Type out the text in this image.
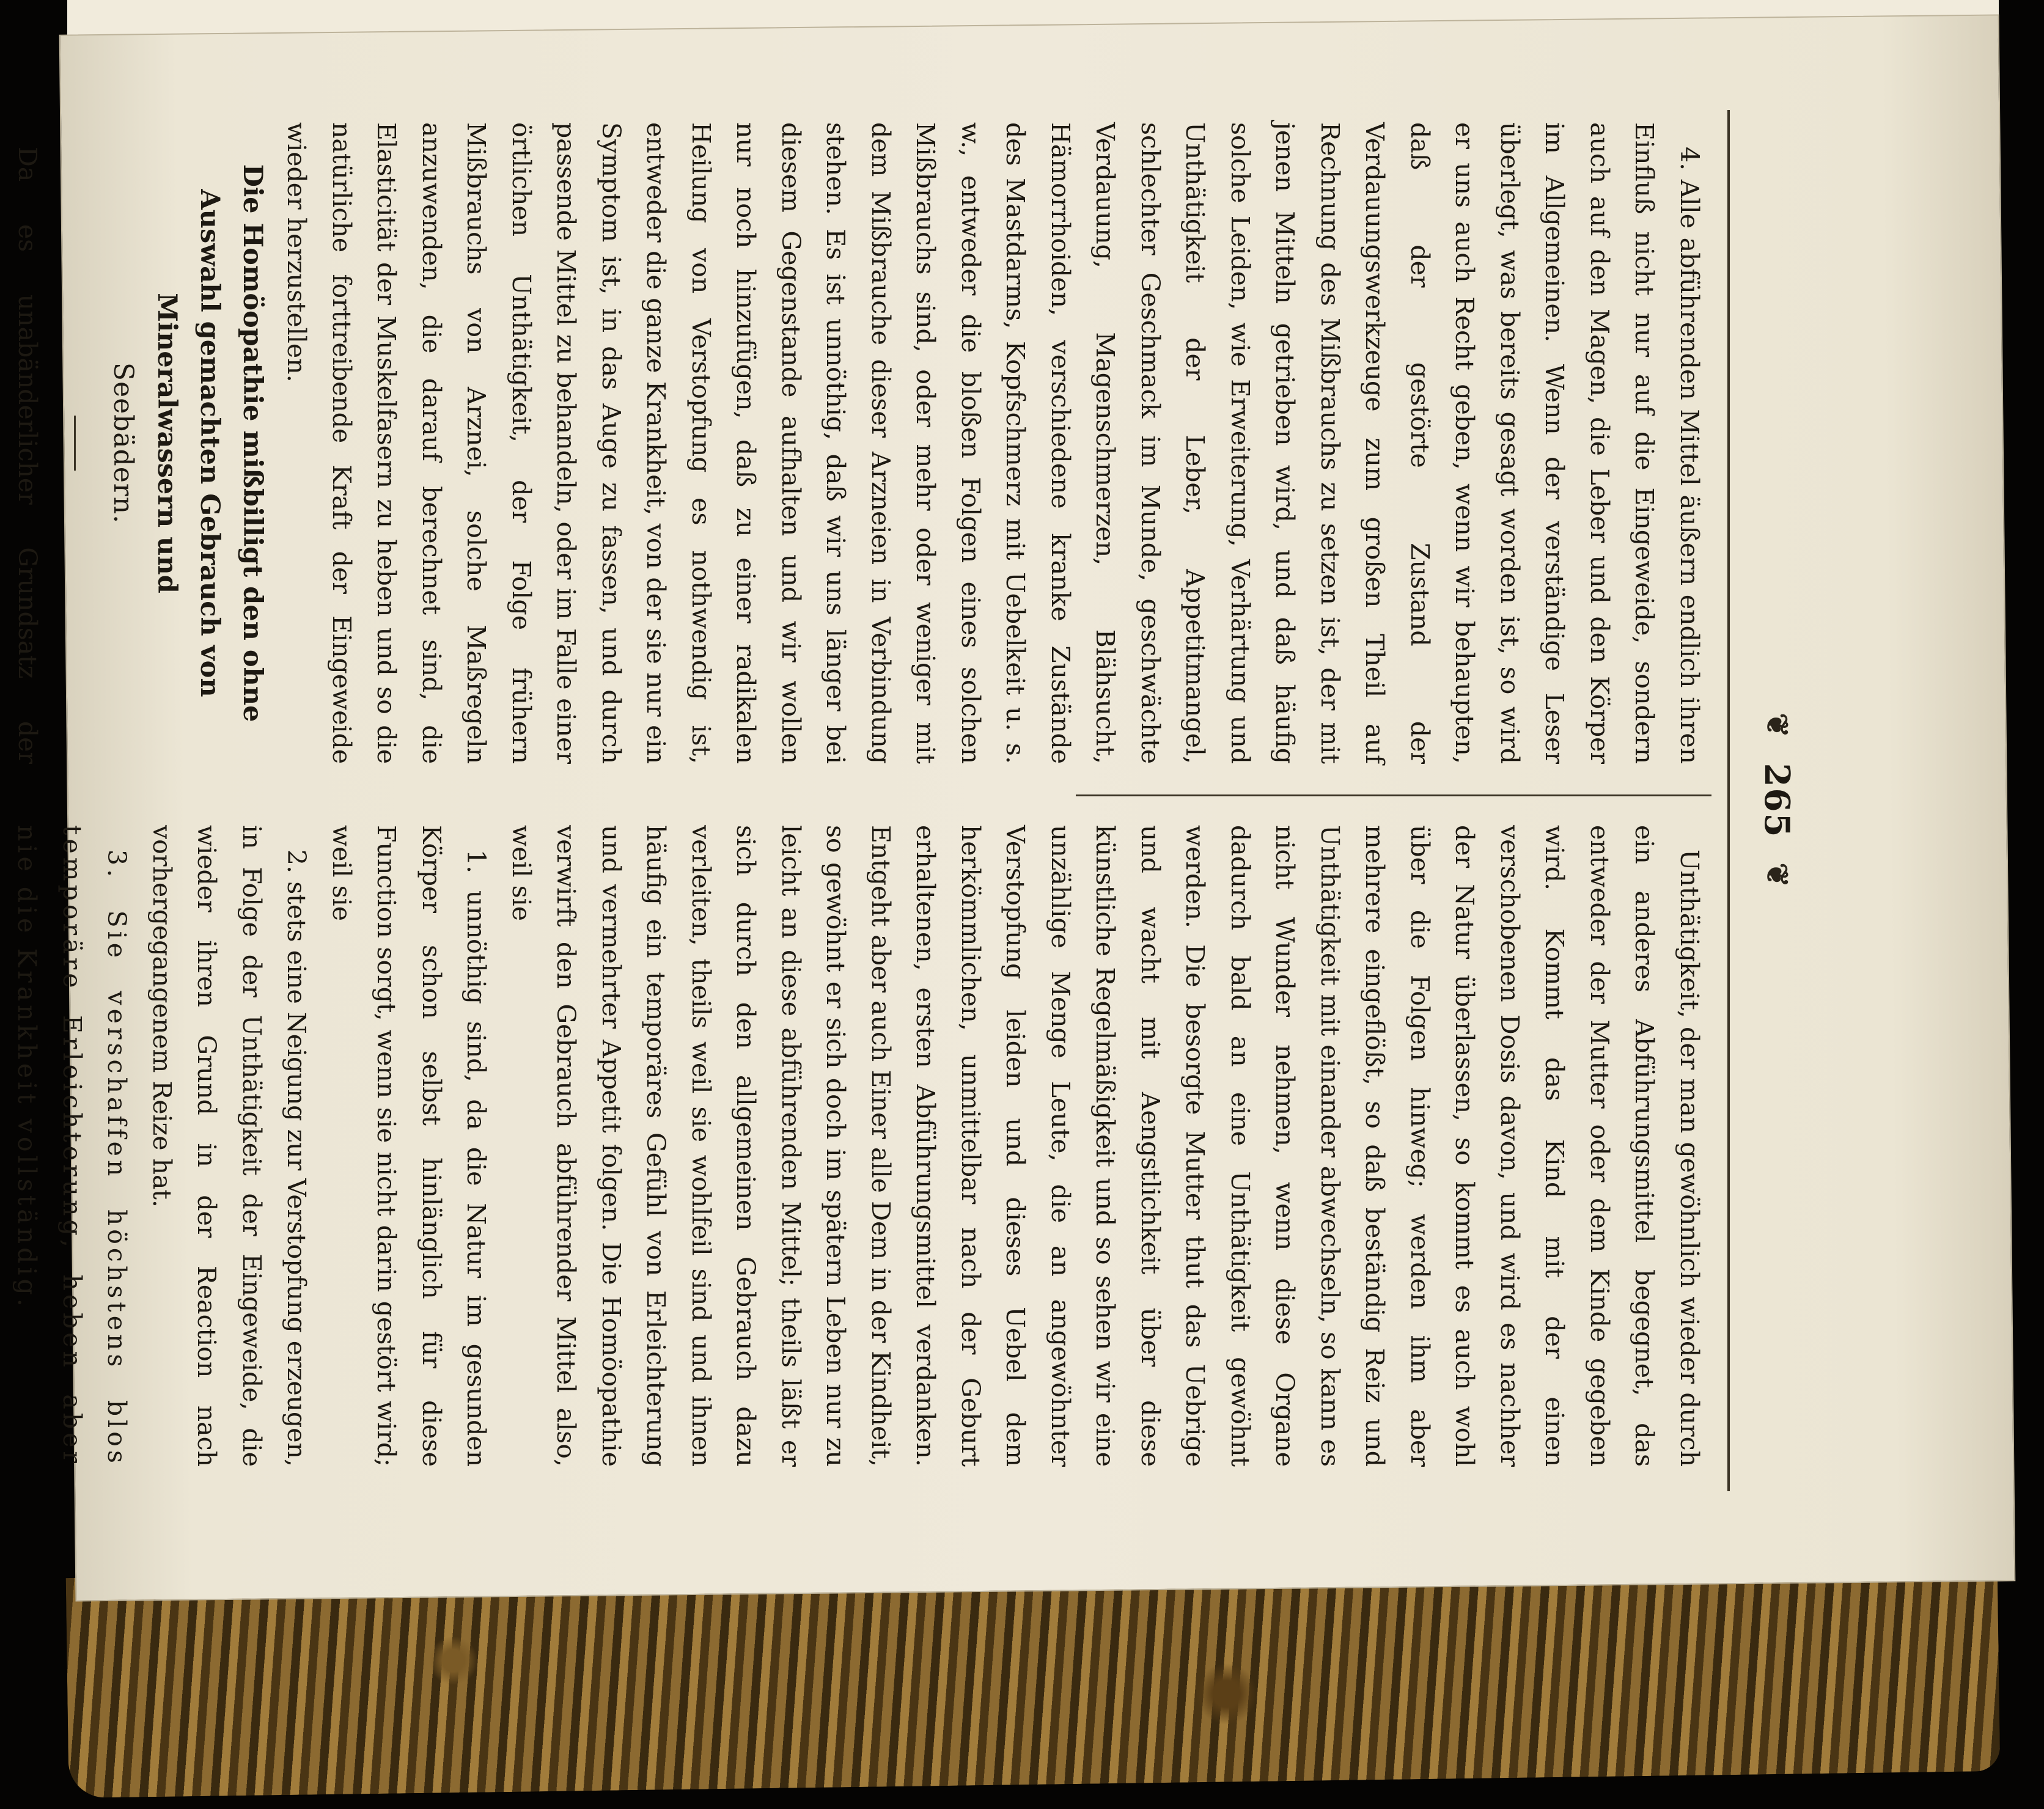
❦
265
❦

4. Alle abführenden Mittel äußern endlich ihren Einfluß nicht nur auf die Eingeweide, sondern auch auf den Magen, die Leber und den Körper im Allgemeinen. Wenn der verständige Leser überlegt, was bereits gesagt worden ist, so wird er uns auch Recht geben, wenn wir behaupten, daß der gestörte Zustand der Verdauungswerkzeuge zum großen Theil auf Rechnung des Mißbrauchs zu setzen ist, der mit jenen Mitteln getrieben wird, und daß häufig solche Leiden, wie Erweiterung, Verhärtung und Unthätigkeit der Leber, Appetitmangel, schlechter Geschmack im Munde, geschwächte Verdauung, Magenschmerzen, Blähsucht, Hämorrhoiden, verschiedene kranke Zustände des Mastdarms, Kopfschmerz mit Uebelkeit u. s. w., entweder die bloßen Folgen eines solchen Mißbrauchs sind, oder mehr oder weniger mit dem Mißbrauche dieser Arzneien in Verbindung stehen. Es ist unnöthig, daß wir uns länger bei diesem Gegenstande aufhalten und wir wollen nur noch hinzufügen, daß zu einer radikalen Heilung von Verstopfung es nothwendig ist, entweder die ganze Krankheit, von der sie nur ein Symptom ist, in das Auge zu fassen, und durch passende Mittel zu behandeln, oder im Falle einer örtlichen Unthätigkeit, der Folge frühern Mißbrauchs von Arznei, solche Maßregeln anzuwenden, die darauf berechnet sind, die Elasticität der Muskelfasern zu heben und so die natürliche forttreibende Kraft der Eingeweide wieder herzustellen.

Die Homöopathie mißbilligt den ohne Auswahl gemachten Gebrauch von Mineralwassern und

Seebädern.

Da es unabänderlicher Grundsatz der

Unthätigkeit, der man gewöhnlich wieder durch ein anderes Abführungsmittel begegnet, das entweder der Mutter oder dem Kinde gegeben wird. Kommt das Kind mit der einen verschobenen Dosis davon, und wird es nachher der Natur überlassen, so kommt es auch wohl über die Folgen hinweg; werden ihm aber mehrere eingeflößt, so daß beständig Reiz und Unthätigkeit mit einander abwechseln, so kann es nicht Wunder nehmen, wenn diese Organe dadurch bald an eine Unthätigkeit gewöhnt werden. Die besorgte Mutter thut das Uebrige und wacht mit Aengstlichkeit über diese künstliche Regelmäßigkeit und so sehen wir eine unzählige Menge Leute, die an angewöhnter Verstopfung leiden und dieses Uebel dem herkömmlichen, unmittelbar nach der Geburt erhaltenen, ersten Abführungsmittel verdanken. Entgeht aber auch Einer alle Dem in der Kindheit, so gewöhnt er sich doch im spätern Leben nur zu leicht an diese abführenden Mittel; theils läßt er sich durch den allgemeinen Gebrauch dazu verleiten, theils weil sie wohlfeil sind und ihnen häufig ein temporäres Gefühl von Erleichterung und vermehrter Appetit folgen. Die Homöopathie verwirft den Gebrauch abführender Mittel also, weil sie

1. unnöthig sind, da die Natur im gesunden Körper schon selbst hinlänglich für diese Function sorgt, wenn sie nicht darin gestört wird; weil sie

2. stets eine Neigung zur Verstopfung erzeugen, in Folge der Unthätigkeit der Eingeweide, die wieder ihren Grund in der Reaction nach vorhergegangenem Reize hat.

3. Sie verschaffen höchstens blos temporäre Erleichterung, heben aber nie die Krankheit vollständig.
